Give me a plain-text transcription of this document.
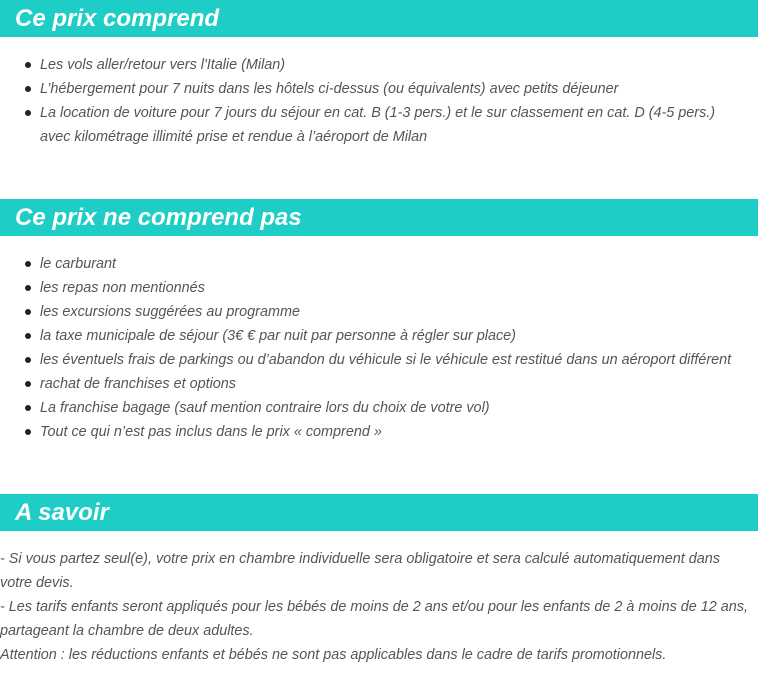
Ce prix comprend
Les vols aller/retour vers l'Italie (Milan)
L’hébergement pour 7 nuits dans les hôtels ci-dessus (ou équivalents) avec petits déjeuner
La location de voiture pour 7 jours du séjour en cat. B (1-3 pers.) et le sur classement en cat. D (4-5 pers.) avec kilométrage illimité prise et rendue à l’aéroport de Milan
Ce prix ne comprend pas
le carburant
les repas non mentionnés
les excursions suggérées au programme
la taxe municipale de séjour (3€ € par nuit par personne à régler sur place)
les éventuels frais de parkings ou d’abandon du véhicule si le véhicule est restitué dans un aéroport différent
rachat de franchises et options
La franchise bagage (sauf mention contraire lors du choix de votre vol)
Tout ce qui n’est pas inclus dans le prix « comprend »
A savoir

- Si vous partez seul(e), votre prix en chambre individuelle sera obligatoire et sera calculé automatiquement dans votre devis.

- Les tarifs enfants seront appliqués pour les bébés de moins de 2 ans et/ou pour les enfants de 2 à moins de 12 ans, partageant la chambre de deux adultes.

Attention : les réductions enfants et bébés ne sont pas applicables dans le cadre de tarifs promotionnels.
